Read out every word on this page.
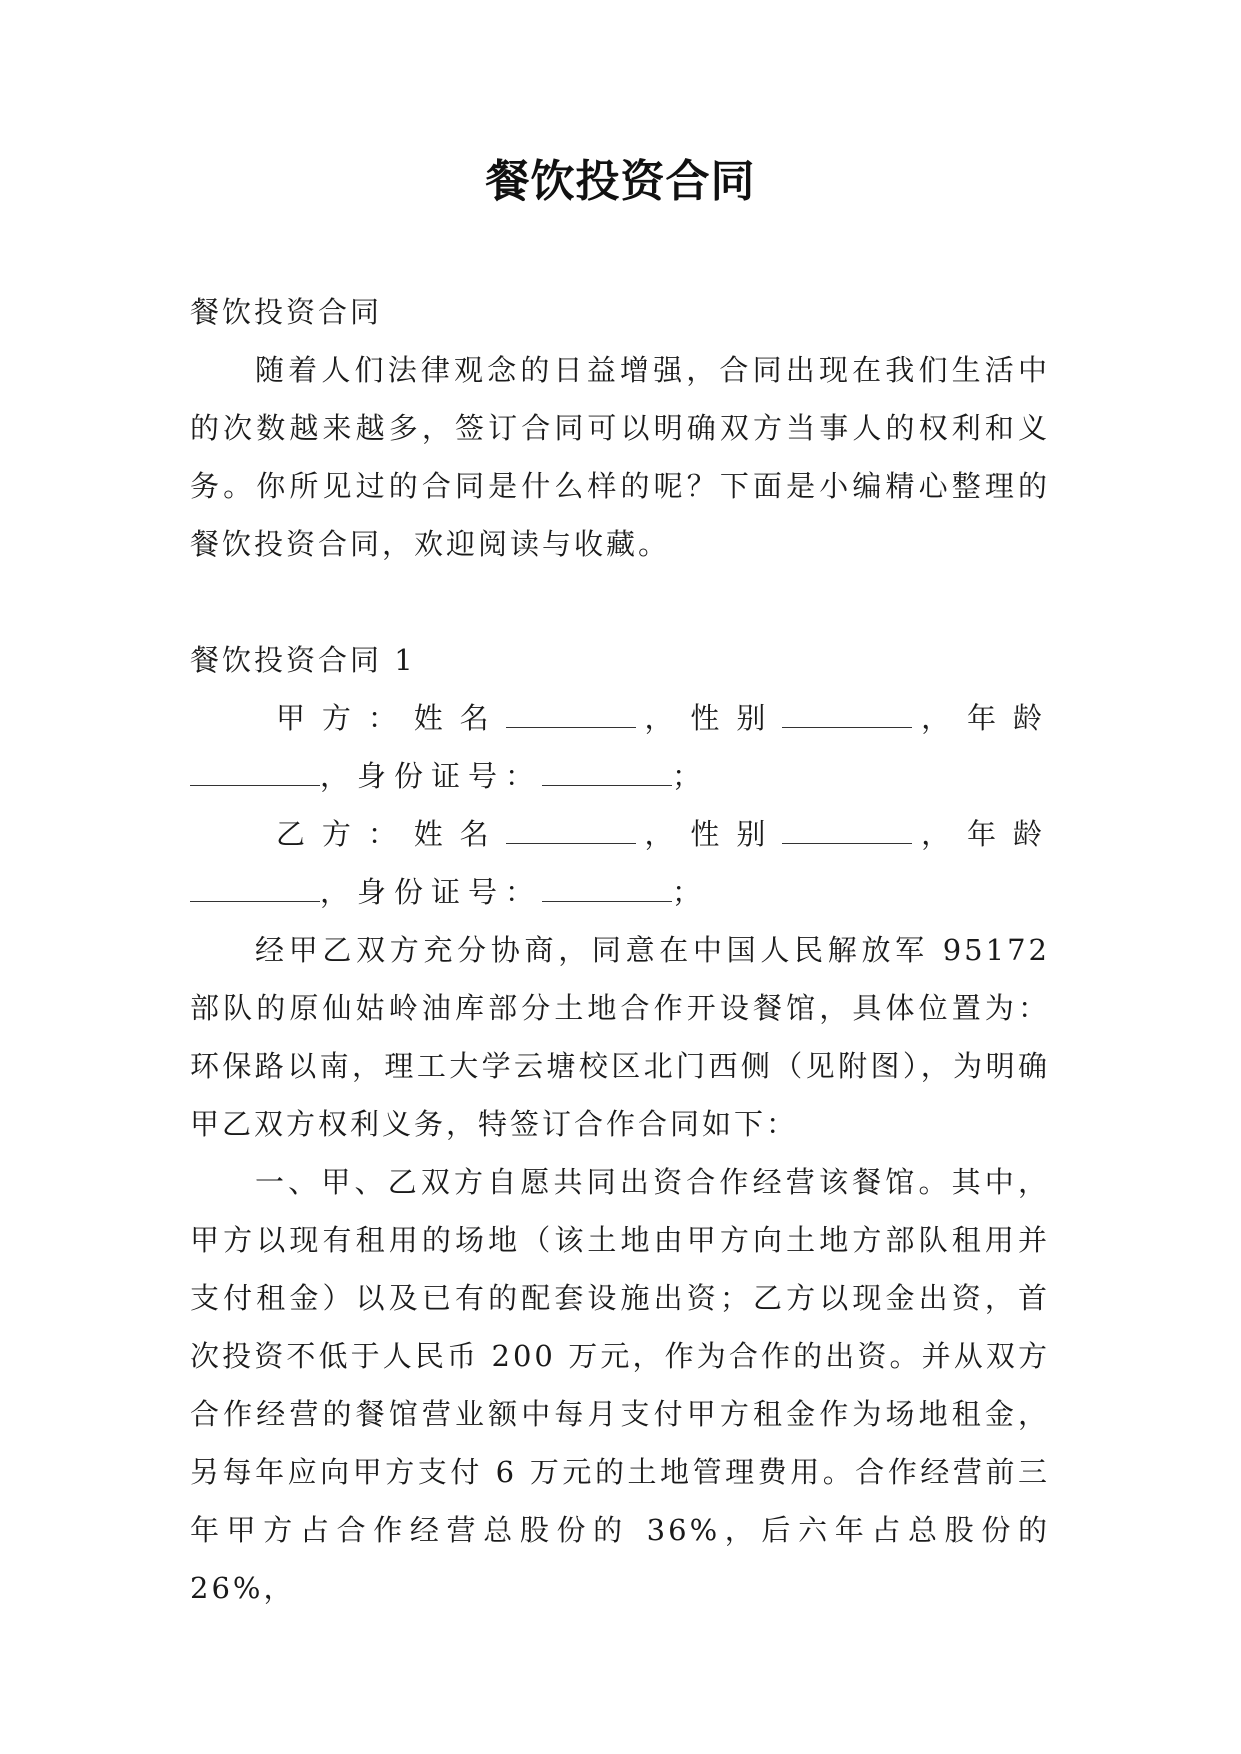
餐饮投资合同

餐饮投资合同

随着人们法律观念的日益增强，合同出现在我们生活中的次数越来越多，签订合同可以明确双方当事人的权利和义务。你所见过的合同是什么样的呢？下面是小编精心整理的餐饮投资合同，欢迎阅读与收藏。

餐饮投资合同 1

甲方：姓名	，性别	，年龄，身份证号：	；

乙方：姓名	，性别	，年龄，身份证号：	；

经甲乙双方充分协商，同意在中国人民解放军 95172 部队的原仙姑岭油库部分土地合作开设餐馆，具体位置为：环保路以南，理工大学云塘校区北门西侧（见附图），为明确甲乙双方权利义务，特签订合作合同如下：

一、甲、乙双方自愿共同出资合作经营该餐馆。其中，甲方以现有租用的场地（该土地由甲方向土地方部队租用并支付租金）以及已有的配套设施出资；乙方以现金出资，首次投资不低于人民币 200 万元，作为合作的出资。并从双方合作经营的餐馆营业额中每月支付甲方租金作为场地租金，另每年应向甲方支付 6 万元的土地管理费用。合作经营前三年甲方占合作经营总股份的 36%，后六年占总股份的 26%，
